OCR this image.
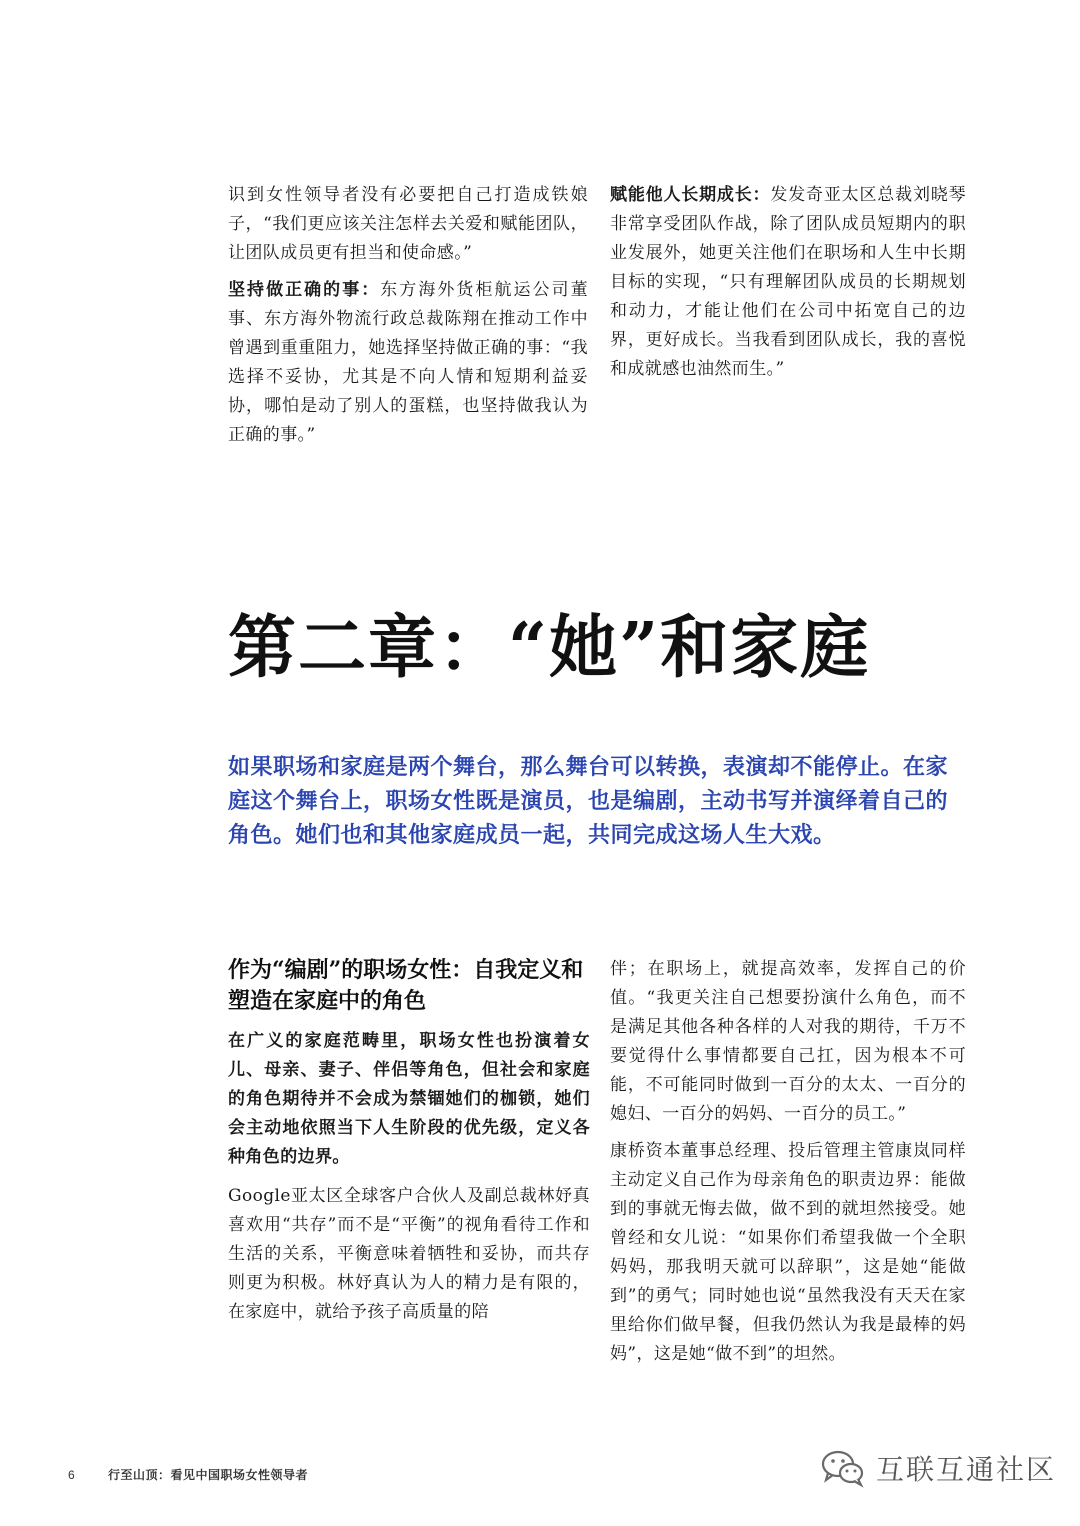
识到女性领导者没有必要把自己打造成铁娘子，“我们更应该关注怎样去关爱和赋能团队，让团队成员更有担当和使命感。”

坚持做正确的事：东方海外货柜航运公司董事、东方海外物流行政总裁陈翔在推动工作中曾遇到重重阻力，她选择坚持做正确的事：“我选择不妥协，尤其是不向人情和短期利益妥协，哪怕是动了别人的蛋糕，也坚持做我认为正确的事。”

赋能他人长期成长：发发奇亚太区总裁刘晓琴非常享受团队作战，除了团队成员短期内的职业发展外，她更关注他们在职场和人生中长期目标的实现，“只有理解团队成员的长期规划和动力，才能让他们在公司中拓宽自己的边界，更好成长。当我看到团队成长，我的喜悦和成就感也油然而生。”

第二章：“她”和家庭

如果职场和家庭是两个舞台，那么舞台可以转换，表演却不能停止。在家庭这个舞台上，职场女性既是演员，也是编剧，主动书写并演绎着自己的角色。她们也和其他家庭成员一起，共同完成这场人生大戏。

作为“编剧”的职场女性：自我定义和塑造在家庭中的角色

在广义的家庭范畴里，职场女性也扮演着女儿、母亲、妻子、伴侣等角色，但社会和家庭的角色期待并不会成为禁锢她们的枷锁，她们会主动地依照当下人生阶段的优先级，定义各种角色的边界。

Google亚太区全球客户合伙人及副总裁林妤真喜欢用“共存”而不是“平衡”的视角看待工作和生活的关系，平衡意味着牺牲和妥协，而共存则更为积极。林妤真认为人的精力是有限的，在家庭中，就给予孩子高质量的陪

伴；在职场上，就提高效率，发挥自己的价值。“我更关注自己想要扮演什么角色，而不是满足其他各种各样的人对我的期待，千万不要觉得什么事情都要自己扛，因为根本不可能，不可能同时做到一百分的太太、一百分的媳妇、一百分的妈妈、一百分的员工。”

康桥资本董事总经理、投后管理主管康岚同样主动定义自己作为母亲角色的职责边界：能做到的事就无悔去做，做不到的就坦然接受。她曾经和女儿说：“如果你们希望我做一个全职妈妈，那我明天就可以辞职”，这是她“能做到”的勇气；同时她也说“虽然我没有天天在家里给你们做早餐，但我仍然认为我是最棒的妈妈”，这是她“做不到”的坦然。

6	行至山顶：看见中国职场女性领导者	互联互通社区
